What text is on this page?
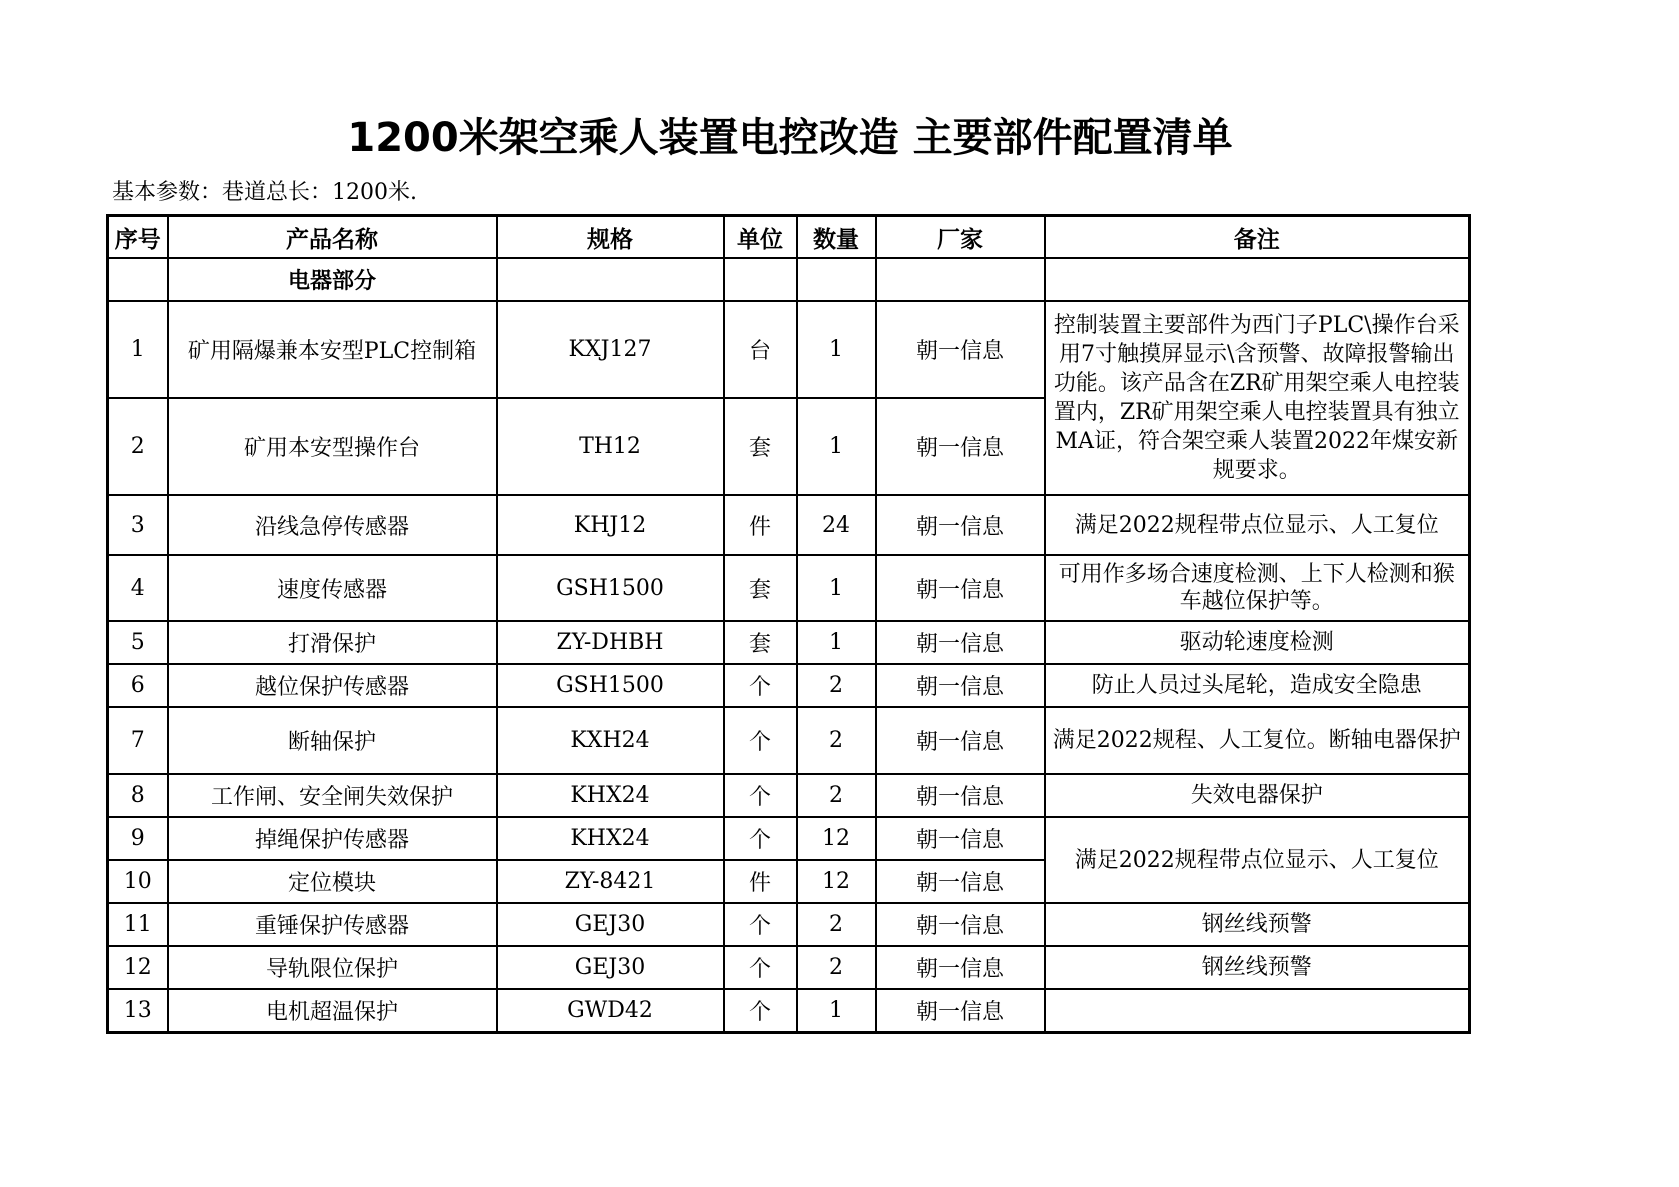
1200米架空乘人装置电控改造 主要部件配置清单
基本参数：巷道总长：1200米.
序号	产品名称	规格	单位	数量	厂家	备注
	电器部分					
1	矿用隔爆兼本安型PLC控制箱	KXJ127	台	1	朝一信息	控制装置主要部件为西门子PLC\操作台采用7寸触摸屏显示\含预警、故障报警输出功能。该产品含在ZR矿用架空乘人电控装置内，ZR矿用架空乘人电控装置具有独立MA证，符合架空乘人装置2022年煤安新规要求。
2	矿用本安型操作台	TH12	套	1	朝一信息	
3	沿线急停传感器	KHJ12	件	24	朝一信息	满足2022规程带点位显示、人工复位
4	速度传感器	GSH1500	套	1	朝一信息	可用作多场合速度检测、上下人检测和猴车越位保护等。
5	打滑保护	ZY-DHBH	套	1	朝一信息	驱动轮速度检测
6	越位保护传感器	GSH1500	个	2	朝一信息	防止人员过头尾轮，造成安全隐患
7	断轴保护	KXH24	个	2	朝一信息	满足2022规程、人工复位。断轴电器保护
8	工作闸、安全闸失效保护	KHX24	个	2	朝一信息	失效电器保护
9	掉绳保护传感器	KHX24	个	12	朝一信息	满足2022规程带点位显示、人工复位
10	定位模块	ZY-8421	件	12	朝一信息	
11	重锤保护传感器	GEJ30	个	2	朝一信息	钢丝线预警
12	导轨限位保护	GEJ30	个	2	朝一信息	钢丝线预警
13	电机超温保护	GWD42	个	1	朝一信息	
